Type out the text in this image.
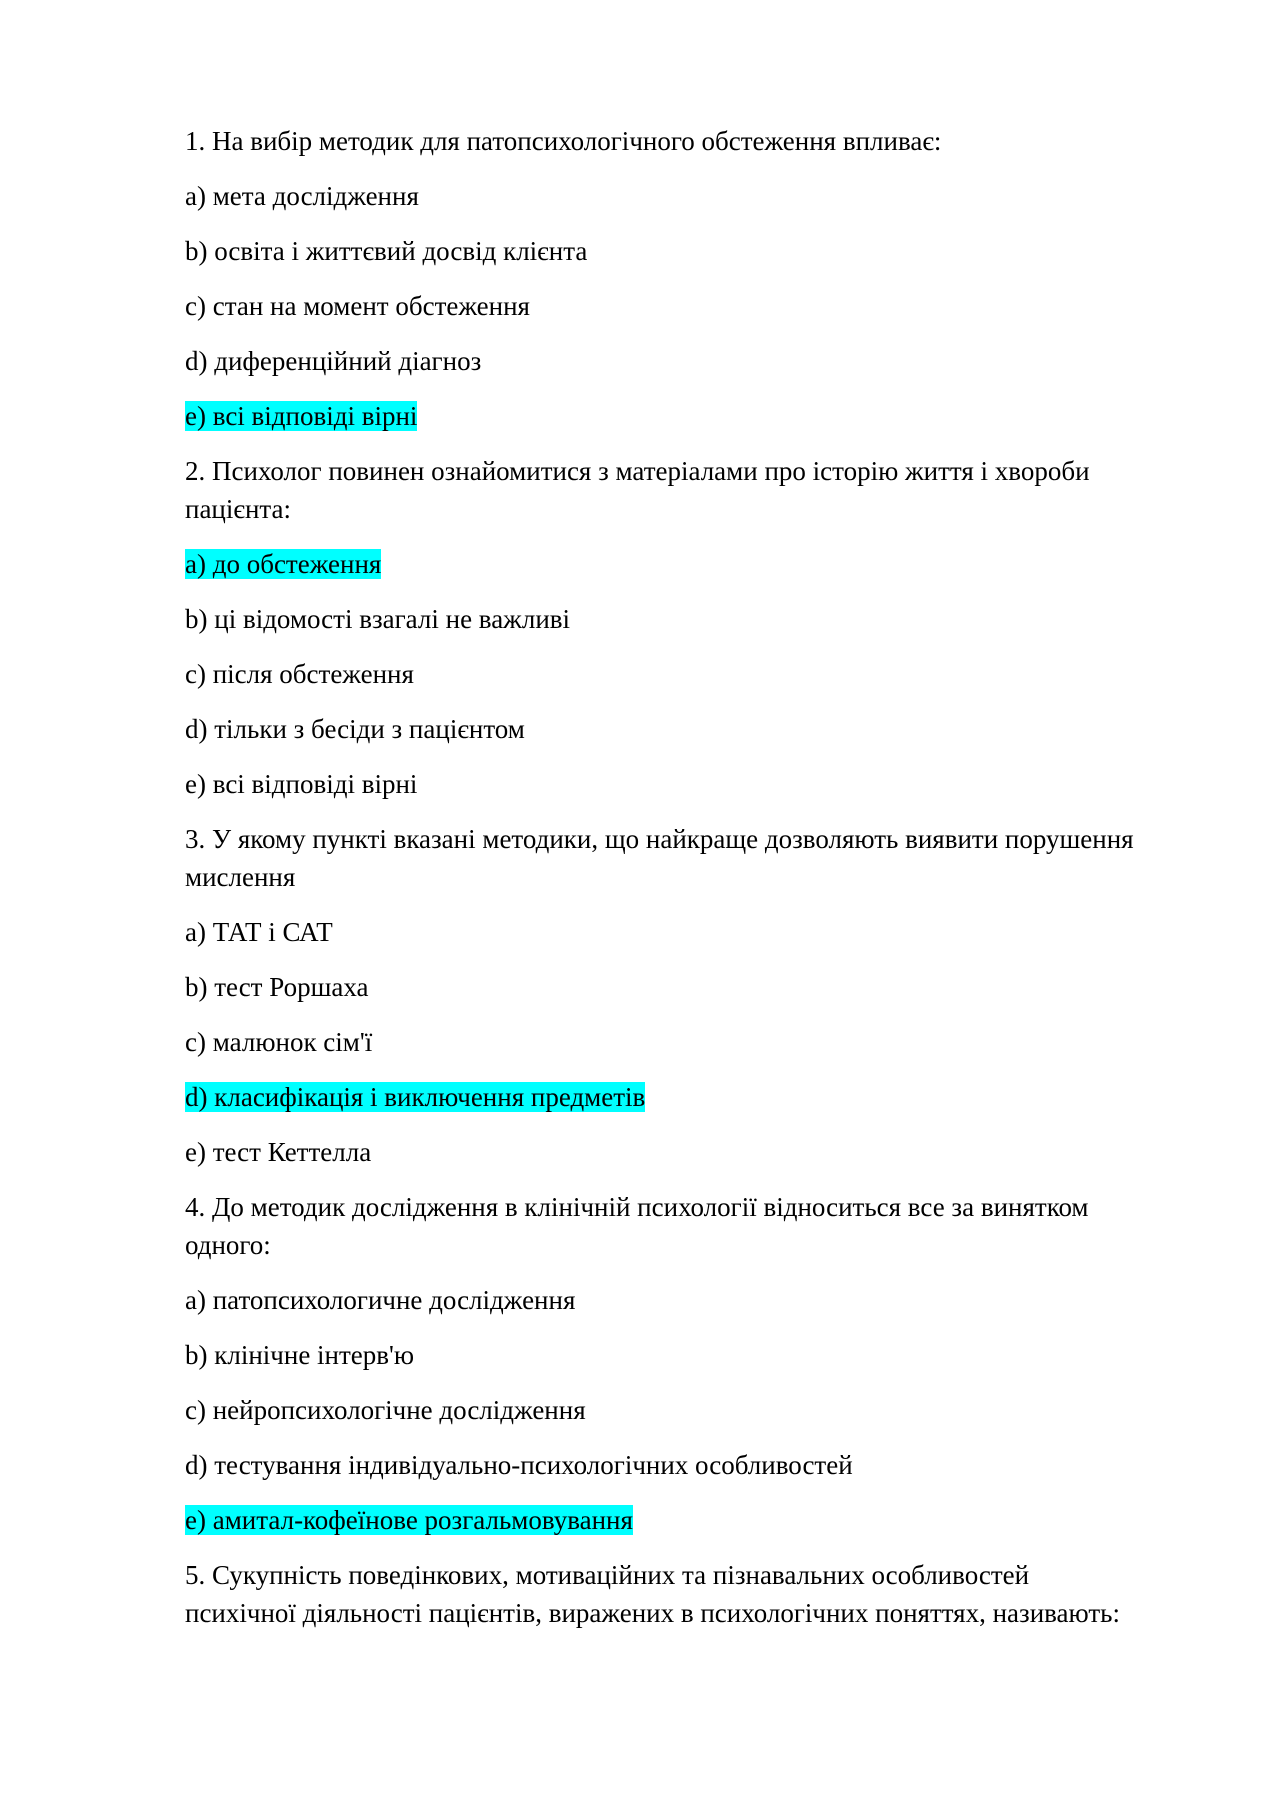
1. На вибір методик для патопсихологічного обстеження впливає:

a) мета дослідження

b) освіта і життєвий досвід клієнта

c) стан на момент обстеження

d) диференційний діагноз

e) всі відповіді вірні

2. Психолог повинен ознайомитися з матеріалами про історію життя і хвороби пацієнта:

a) до обстеження

b) ці відомості взагалі не важливі

c) після обстеження

d) тільки з бесіди з пацієнтом

e) всі відповіді вірні

3. У якому пункті вказані методики, що найкраще дозволяють виявити порушення мислення

a) ТАТ і САТ

b) тест Роршаха

c) малюнок сім'ї

d) класифікація і виключення предметів

e) тест Кеттелла

4. До методик дослідження в клінічній психології відноситься все за винятком одного:

a) патопсихологичне дослідження

b) клінічне інтерв'ю

c) нейропсихологічне дослідження

d) тестування індивідуально-психологічних особливостей

e) амитал-кофеїнове розгальмовування

5. Сукупність поведінкових, мотиваційних та пізнавальних особливостей психічної діяльності пацієнтів, виражених в психологічних поняттях, називають:
